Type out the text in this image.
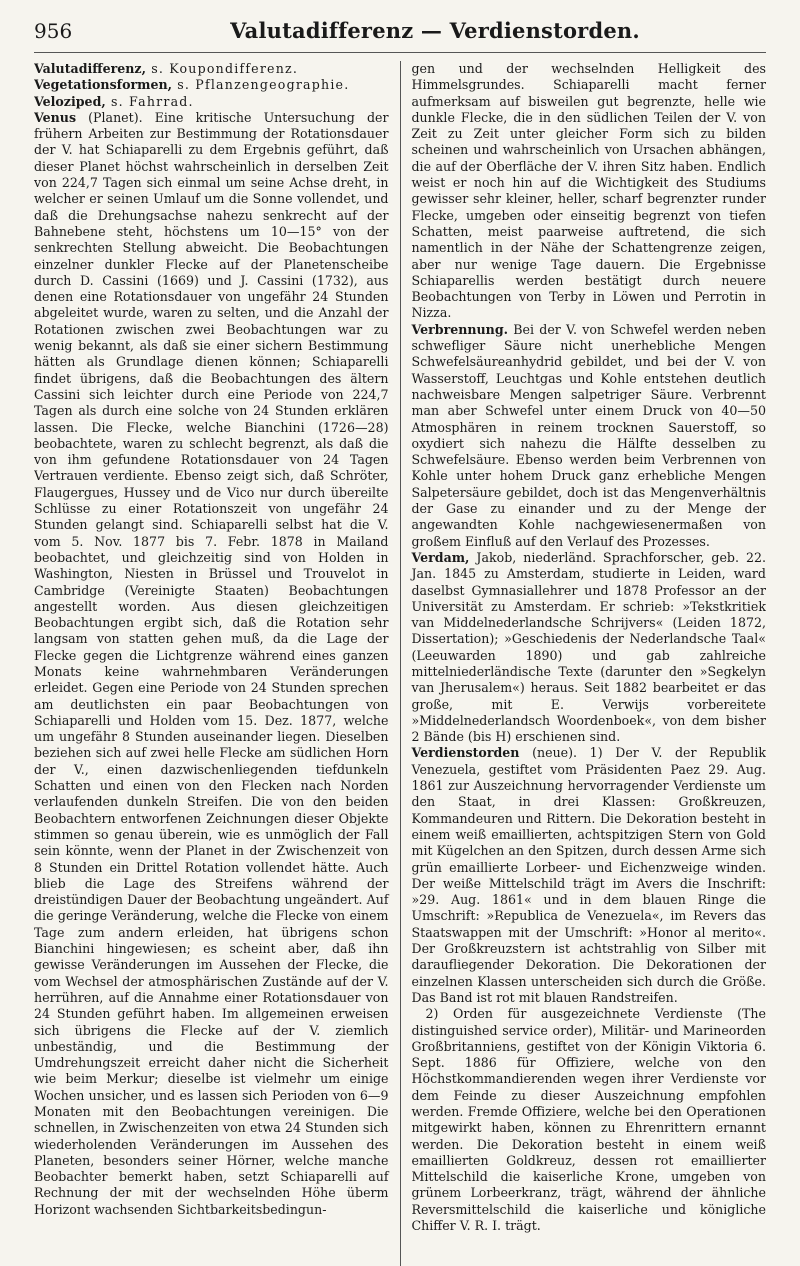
956	Valutadifferenz — Verdienstorden.

Valutadifferenz, s. Koupondifferenz.

Vegetationsformen, s. Pflanzengeographie.

Veloziped, s. Fahrrad.

Venus (Planet). Eine kritische Untersuchung der frühern Arbeiten zur Bestimmung der Rotationsdauer der V. hat Schiaparelli zu dem Ergebnis geführt, daß dieser Planet höchst wahrscheinlich in derselben Zeit von 224,7 Tagen sich einmal um seine Achse dreht, in welcher er seinen Umlauf um die Sonne vollendet, und daß die Drehungsachse nahezu senkrecht auf der Bahnebene steht, höchstens um 10—15° von der senkrechten Stellung abweicht. Die Beobachtungen einzelner dunkler Flecke auf der Planetenscheibe durch D. Cassini (1669) und J. Cassini (1732), aus denen eine Rotationsdauer von ungefähr 24 Stunden abgeleitet wurde, waren zu selten, und die Anzahl der Rotationen zwischen zwei Beobachtungen war zu wenig bekannt, als daß sie einer sichern Bestimmung hätten als Grundlage dienen können; Schiaparelli findet übrigens, daß die Beobachtungen des ältern Cassini sich leichter durch eine Periode von 224,7 Tagen als durch eine solche von 24 Stunden erklären lassen. Die Flecke, welche Bianchini (1726—28) beobachtete, waren zu schlecht begrenzt, als daß die von ihm gefundene Rotationsdauer von 24 Tagen Vertrauen verdiente. Ebenso zeigt sich, daß Schröter, Flaugergues, Hussey und de Vico nur durch übereilte Schlüsse zu einer Rotationszeit von ungefähr 24 Stunden gelangt sind. Schiaparelli selbst hat die V. vom 5. Nov. 1877 bis 7. Febr. 1878 in Mailand beobachtet, und gleichzeitig sind von Holden in Washington, Niesten in Brüssel und Trouvelot in Cambridge (Vereinigte Staaten) Beobachtungen angestellt worden. Aus diesen gleichzeitigen Beobachtungen ergibt sich, daß die Rotation sehr langsam von statten gehen muß, da die Lage der Flecke gegen die Lichtgrenze während eines ganzen Monats keine wahrnehmbaren Veränderungen erleidet. Gegen eine Periode von 24 Stunden sprechen am deutlichsten ein paar Beobachtungen von Schiaparelli und Holden vom 15. Dez. 1877, welche um ungefähr 8 Stunden auseinander liegen. Dieselben beziehen sich auf zwei helle Flecke am südlichen Horn der V., einen dazwischenliegenden tiefdunkeln Schatten und einen von den Flecken nach Norden verlaufenden dunkeln Streifen. Die von den beiden Beobachtern entworfenen Zeichnungen dieser Objekte stimmen so genau überein, wie es unmöglich der Fall sein könnte, wenn der Planet in der Zwischenzeit von 8 Stunden ein Drittel Rotation vollendet hätte. Auch blieb die Lage des Streifens während der dreistündigen Dauer der Beobachtung ungeändert. Auf die geringe Veränderung, welche die Flecke von einem Tage zum andern erleiden, hat übrigens schon Bianchini hingewiesen; es scheint aber, daß ihn gewisse Veränderungen im Aussehen der Flecke, die vom Wechsel der atmosphärischen Zustände auf der V. herrühren, auf die Annahme einer Rotationsdauer von 24 Stunden geführt haben. Im allgemeinen erweisen sich übrigens die Flecke auf der V. ziemlich unbeständig, und die Bestimmung der Umdrehungszeit erreicht daher nicht die Sicherheit wie beim Merkur; dieselbe ist vielmehr um einige Wochen unsicher, und es lassen sich Perioden von 6—9 Monaten mit den Beobachtungen vereinigen. Die schnellen, in Zwischenzeiten von etwa 24 Stunden sich wiederholenden Veränderungen im Aussehen des Planeten, besonders seiner Hörner, welche manche Beobachter bemerkt haben, setzt Schiaparelli auf Rechnung der mit der wechselnden Höhe überm Horizont wachsenden Sichtbarkeitsbedingun-

gen und der wechselnden Helligkeit des Himmelsgrundes. Schiaparelli macht ferner aufmerksam auf bisweilen gut begrenzte, helle wie dunkle Flecke, die in den südlichen Teilen der V. von Zeit zu Zeit unter gleicher Form sich zu bilden scheinen und wahrscheinlich von Ursachen abhängen, die auf der Oberfläche der V. ihren Sitz haben. Endlich weist er noch hin auf die Wichtigkeit des Studiums gewisser sehr kleiner, heller, scharf begrenzter runder Flecke, umgeben oder einseitig begrenzt von tiefen Schatten, meist paarweise auftretend, die sich namentlich in der Nähe der Schattengrenze zeigen, aber nur wenige Tage dauern. Die Ergebnisse Schiaparellis werden bestätigt durch neuere Beobachtungen von Terby in Löwen und Perrotin in Nizza.

Verbrennung. Bei der V. von Schwefel werden neben schwefliger Säure nicht unerhebliche Mengen Schwefelsäureanhydrid gebildet, und bei der V. von Wasserstoff, Leuchtgas und Kohle entstehen deutlich nachweisbare Mengen salpetriger Säure. Verbrennt man aber Schwefel unter einem Druck von 40—50 Atmosphären in reinem trocknen Sauerstoff, so oxydiert sich nahezu die Hälfte desselben zu Schwefelsäure. Ebenso werden beim Verbrennen von Kohle unter hohem Druck ganz erhebliche Mengen Salpetersäure gebildet, doch ist das Mengenverhältnis der Gase zu einander und zu der Menge der angewandten Kohle nachgewiesenermaßen von großem Einfluß auf den Verlauf des Prozesses.

Verdam, Jakob, niederländ. Sprachforscher, geb. 22. Jan. 1845 zu Amsterdam, studierte in Leiden, ward daselbst Gymnasiallehrer und 1878 Professor an der Universität zu Amsterdam. Er schrieb: »Tekstkritiek van Middelnederlandsche Schrijvers« (Leiden 1872, Dissertation); »Geschiedenis der Nederlandsche Taal« (Leeuwarden 1890) und gab zahlreiche mittelniederländische Texte (darunter den »Segkelyn van Jherusalem«) heraus. Seit 1882 bearbeitet er das große, mit E. Verwijs vorbereitete »Middelnederlandsch Woordenboek«, von dem bisher 2 Bände (bis H) erschienen sind.

Verdienstorden (neue). 1) Der V. der Republik Venezuela, gestiftet vom Präsidenten Paez 29. Aug. 1861 zur Auszeichnung hervorragender Verdienste um den Staat, in drei Klassen: Großkreuzen, Kommandeuren und Rittern. Die Dekoration besteht in einem weiß emaillierten, achtspitzigen Stern von Gold mit Kügelchen an den Spitzen, durch dessen Arme sich grün emaillierte Lorbeer- und Eichenzweige winden. Der weiße Mittelschild trägt im Avers die Inschrift: »29. Aug. 1861« und in dem blauen Ringe die Umschrift: »Republica de Venezuela«, im Revers das Staatswappen mit der Umschrift: »Honor al merito«. Der Großkreuzstern ist achtstrahlig von Silber mit daraufliegender Dekoration. Die Dekorationen der einzelnen Klassen unterscheiden sich durch die Größe. Das Band ist rot mit blauen Randstreifen.

2) Orden für ausgezeichnete Verdienste (The distinguished service order), Militär- und Marineorden Großbritanniens, gestiftet von der Königin Viktoria 6. Sept. 1886 für Offiziere, welche von den Höchstkommandierenden wegen ihrer Verdienste vor dem Feinde zu dieser Auszeichnung empfohlen werden. Fremde Offiziere, welche bei den Operationen mitgewirkt haben, können zu Ehrenrittern ernannt werden. Die Dekoration besteht in einem weiß emaillierten Goldkreuz, dessen rot emaillierter Mittelschild die kaiserliche Krone, umgeben von grünem Lorbeerkranz, trägt, während der ähnliche Reversmittelschild die kaiserliche und königliche Chiffer V. R. I. trägt.
